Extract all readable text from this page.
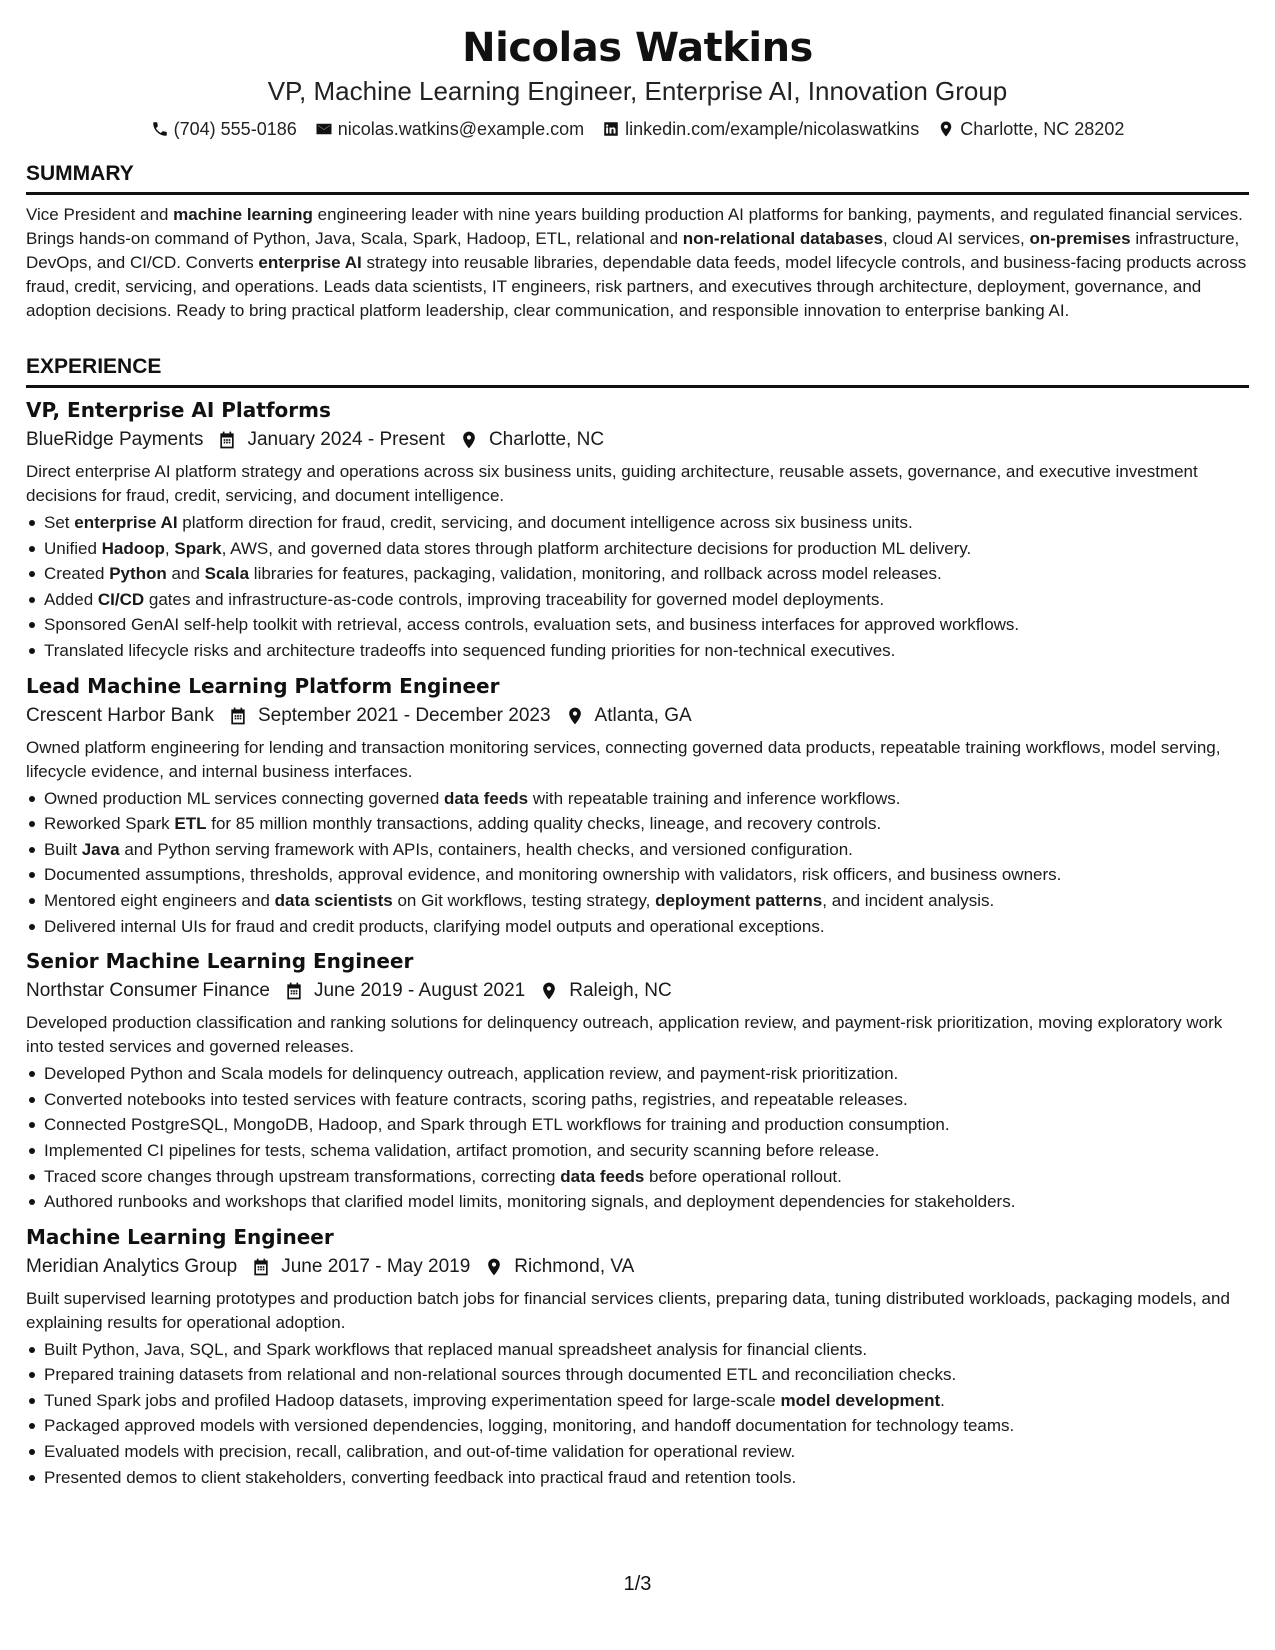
Nicolas Watkins
VP, Machine Learning Engineer, Enterprise AI, Innovation Group
(704) 555-0186 nicolas.watkins@example.com linkedin.com/example/nicolaswatkins Charlotte, NC 28202
SUMMARY

Vice President and machine learning engineering leader with nine years building production AI platforms for banking, payments, and regulated financial services. Brings hands-on command of Python, Java, Scala, Spark, Hadoop, ETL, relational and non-relational databases, cloud AI services, on-premises infrastructure, DevOps, and CI/CD. Converts enterprise AI strategy into reusable libraries, dependable data feeds, model lifecycle controls, and business-facing products across fraud, credit, servicing, and operations. Leads data scientists, IT engineers, risk partners, and executives through architecture, deployment, governance, and adoption decisions. Ready to bring practical platform leadership, clear communication, and responsible innovation to enterprise banking AI.

EXPERIENCE
VP, Enterprise AI Platforms
BlueRidge Payments January 2024 - Present Charlotte, NC

Direct enterprise AI platform strategy and operations across six business units, guiding architecture, reusable assets, governance, and executive investment decisions for fraud, credit, servicing, and document intelligence.

Set enterprise AI platform direction for fraud, credit, servicing, and document intelligence across six business units.
Unified Hadoop, Spark, AWS, and governed data stores through platform architecture decisions for production ML delivery.
Created Python and Scala libraries for features, packaging, validation, monitoring, and rollback across model releases.
Added CI/CD gates and infrastructure-as-code controls, improving traceability for governed model deployments.
Sponsored GenAI self-help toolkit with retrieval, access controls, evaluation sets, and business interfaces for approved workflows.
Translated lifecycle risks and architecture tradeoffs into sequenced funding priorities for non-technical executives.
Lead Machine Learning Platform Engineer
Crescent Harbor Bank September 2021 - December 2023 Atlanta, GA

Owned platform engineering for lending and transaction monitoring services, connecting governed data products, repeatable training workflows, model serving, lifecycle evidence, and internal business interfaces.

Owned production ML services connecting governed data feeds with repeatable training and inference workflows.
Reworked Spark ETL for 85 million monthly transactions, adding quality checks, lineage, and recovery controls.
Built Java and Python serving framework with APIs, containers, health checks, and versioned configuration.
Documented assumptions, thresholds, approval evidence, and monitoring ownership with validators, risk officers, and business owners.
Mentored eight engineers and data scientists on Git workflows, testing strategy, deployment patterns, and incident analysis.
Delivered internal UIs for fraud and credit products, clarifying model outputs and operational exceptions.
Senior Machine Learning Engineer
Northstar Consumer Finance June 2019 - August 2021 Raleigh, NC

Developed production classification and ranking solutions for delinquency outreach, application review, and payment-risk prioritization, moving exploratory work into tested services and governed releases.

Developed Python and Scala models for delinquency outreach, application review, and payment-risk prioritization.
Converted notebooks into tested services with feature contracts, scoring paths, registries, and repeatable releases.
Connected PostgreSQL, MongoDB, Hadoop, and Spark through ETL workflows for training and production consumption.
Implemented CI pipelines for tests, schema validation, artifact promotion, and security scanning before release.
Traced score changes through upstream transformations, correcting data feeds before operational rollout.
Authored runbooks and workshops that clarified model limits, monitoring signals, and deployment dependencies for stakeholders.
Machine Learning Engineer
Meridian Analytics Group June 2017 - May 2019 Richmond, VA

Built supervised learning prototypes and production batch jobs for financial services clients, preparing data, tuning distributed workloads, packaging models, and explaining results for operational adoption.

Built Python, Java, SQL, and Spark workflows that replaced manual spreadsheet analysis for financial clients.
Prepared training datasets from relational and non-relational sources through documented ETL and reconciliation checks.
Tuned Spark jobs and profiled Hadoop datasets, improving experimentation speed for large-scale model development.
Packaged approved models with versioned dependencies, logging, monitoring, and handoff documentation for technology teams.
Evaluated models with precision, recall, calibration, and out-of-time validation for operational review.
Presented demos to client stakeholders, converting feedback into practical fraud and retention tools.
1/3
